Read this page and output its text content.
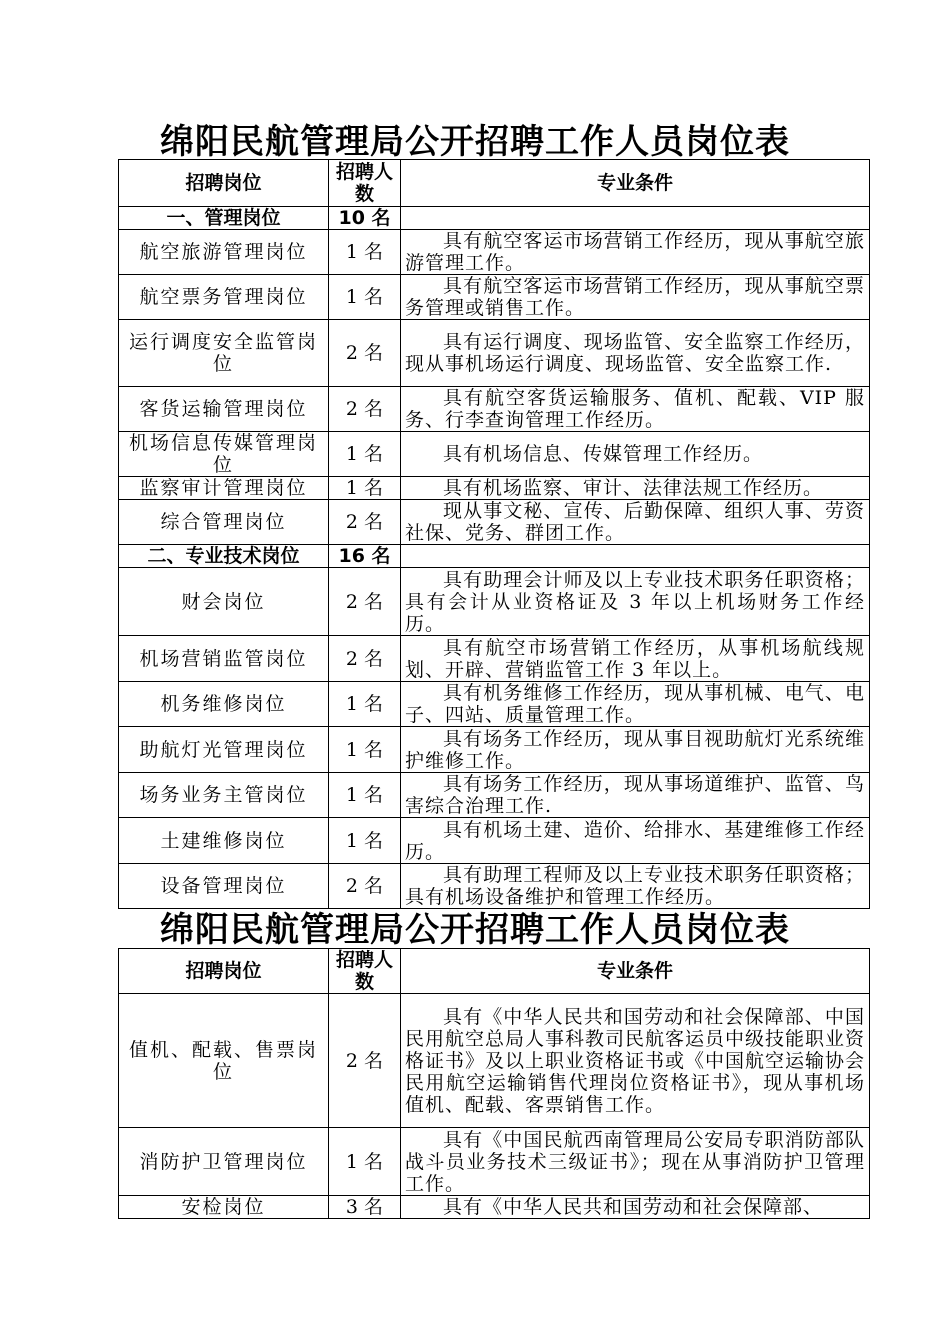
绵阳民航管理局公开招聘工作人员岗位表
招聘岗位	招聘人数	专业条件
一、管理岗位	10 名	
航空旅游管理岗位	1 名	具有航空客运市场营销工作经历，现从事航空旅游管理工作。
航空票务管理岗位	1 名	具有航空客运市场营销工作经历，现从事航空票务管理或销售工作。
运行调度安全监管岗位	2 名	具有运行调度、现场监管、安全监察工作经历，现从事机场运行调度、现场监管、安全监察工作.
客货运输管理岗位	2 名	具有航空客货运输服务、值机、配载、VIP 服务、行李查询管理工作经历。
机场信息传媒管理岗位	1 名	具有机场信息、传媒管理工作经历。
监察审计管理岗位	1 名	具有机场监察、审计、法律法规工作经历。
综合管理岗位	2 名	现从事文秘、宣传、后勤保障、组织人事、劳资社保、党务、群团工作。
二、专业技术岗位	16 名	
财会岗位	2 名	具有助理会计师及以上专业技术职务任职资格；具有会计从业资格证及 3 年以上机场财务工作经历。
机场营销监管岗位	2 名	具有航空市场营销工作经历，从事机场航线规划、开辟、营销监管工作 3 年以上。
机务维修岗位	1 名	具有机务维修工作经历，现从事机械、电气、电子、四站、质量管理工作。
助航灯光管理岗位	1 名	具有场务工作经历，现从事目视助航灯光系统维护维修工作。
场务业务主管岗位	1 名	具有场务工作经历，现从事场道维护、监管、鸟害综合治理工作.
土建维修岗位	1 名	具有机场土建、造价、给排水、基建维修工作经历。
设备管理岗位	2 名	具有助理工程师及以上专业技术职务任职资格；具有机场设备维护和管理工作经历。
绵阳民航管理局公开招聘工作人员岗位表
招聘岗位	招聘人数	专业条件
值机、配载、售票岗位	2 名	具有《中华人民共和国劳动和社会保障部、中国民用航空总局人事科教司民航客运员中级技能职业资格证书》及以上职业资格证书或《中国航空运输协会民用航空运输销售代理岗位资格证书》，现从事机场值机、配载、客票销售工作。
消防护卫管理岗位	1 名	具有《中国民航西南管理局公安局专职消防部队战斗员业务技术三级证书》；现在从事消防护卫管理工作。
安检岗位	3 名	具有《中华人民共和国劳动和社会保障部、
